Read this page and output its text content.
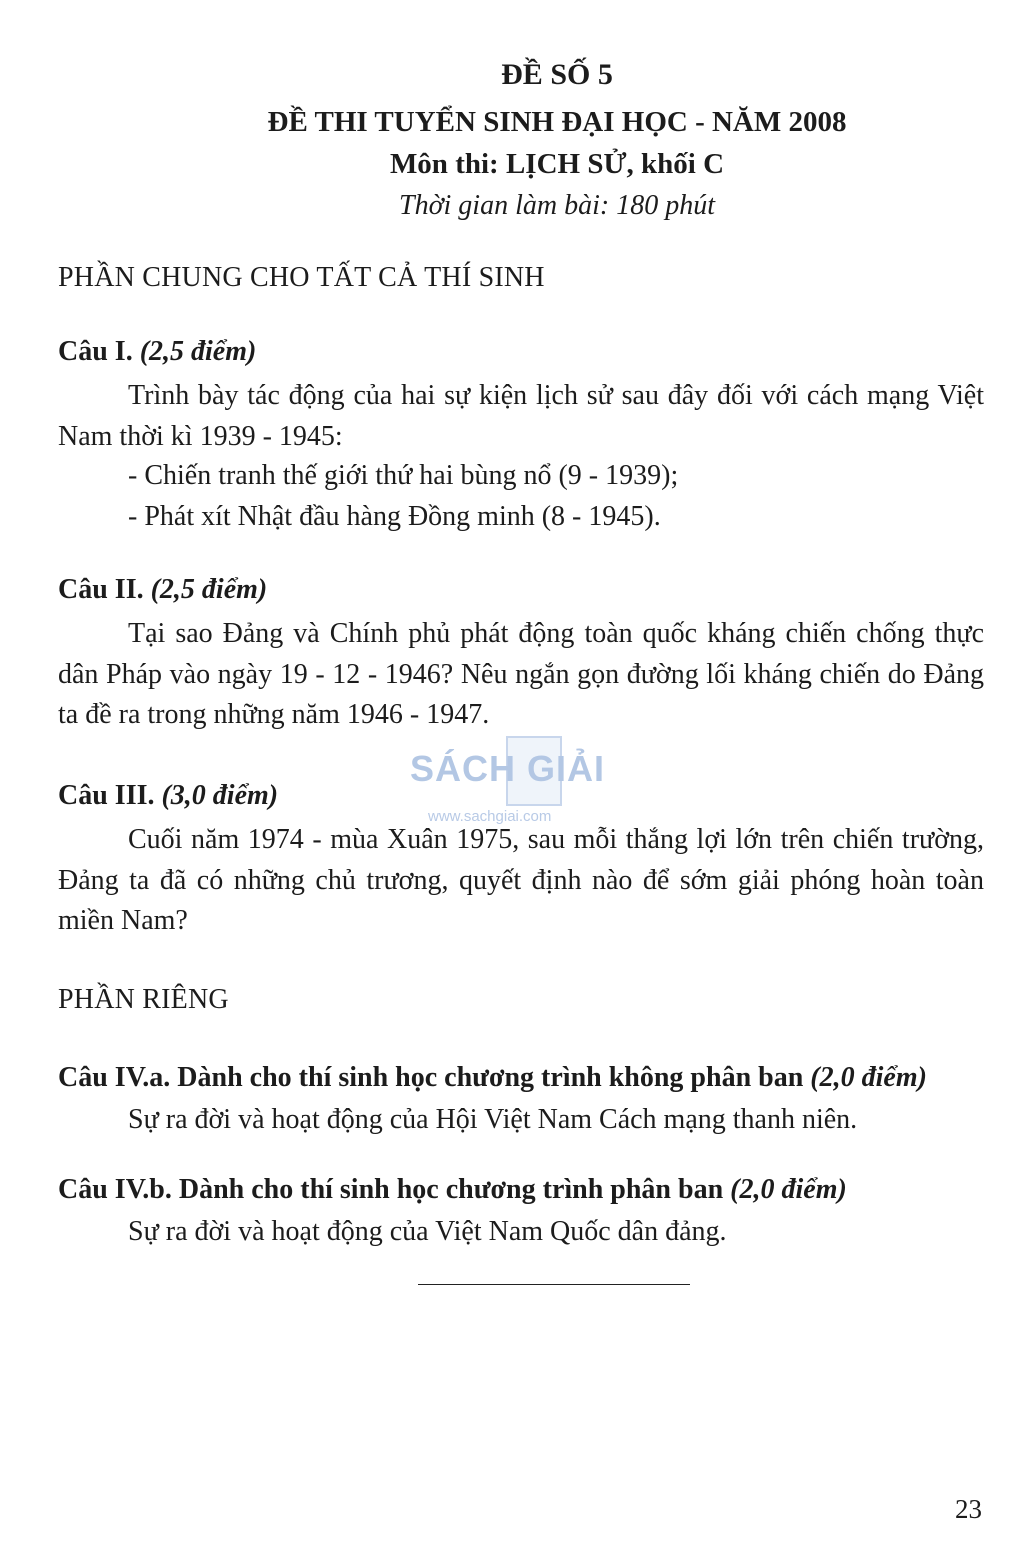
ĐỀ SỐ 5
ĐỀ THI TUYỂN SINH ĐẠI HỌC - NĂM 2008
Môn thi: LỊCH SỬ, khối C
Thời gian làm bài: 180 phút
PHẦN CHUNG CHO TẤT CẢ THÍ SINH
Câu I. (2,5 điểm)
Trình bày tác động của hai sự kiện lịch sử sau đây đối với cách mạng Việt Nam thời kì 1939 - 1945:
- Chiến tranh thế giới thứ hai bùng nổ (9 - 1939);
- Phát xít Nhật đầu hàng Đồng minh (8 - 1945).
Câu II. (2,5 điểm)
Tại sao Đảng và Chính phủ phát động toàn quốc kháng chiến chống thực dân Pháp vào ngày 19 - 12 - 1946? Nêu ngắn gọn đường lối kháng chiến do Đảng ta đề ra trong những năm 1946 - 1947.
SÁCH GIẢI
www.sachgiai.com
Câu III. (3,0 điểm)
Cuối năm 1974 - mùa Xuân 1975, sau mỗi thắng lợi lớn trên chiến trường, Đảng ta đã có những chủ trương, quyết định nào để sớm giải phóng hoàn toàn miền Nam?
PHẦN RIÊNG
Câu IV.a. Dành cho thí sinh học chương trình không phân ban (2,0 điểm)
Sự ra đời và hoạt động của Hội Việt Nam Cách mạng thanh niên.
Câu IV.b. Dành cho thí sinh học chương trình phân ban (2,0 điểm)
Sự ra đời và hoạt động của Việt Nam Quốc dân đảng.
23
